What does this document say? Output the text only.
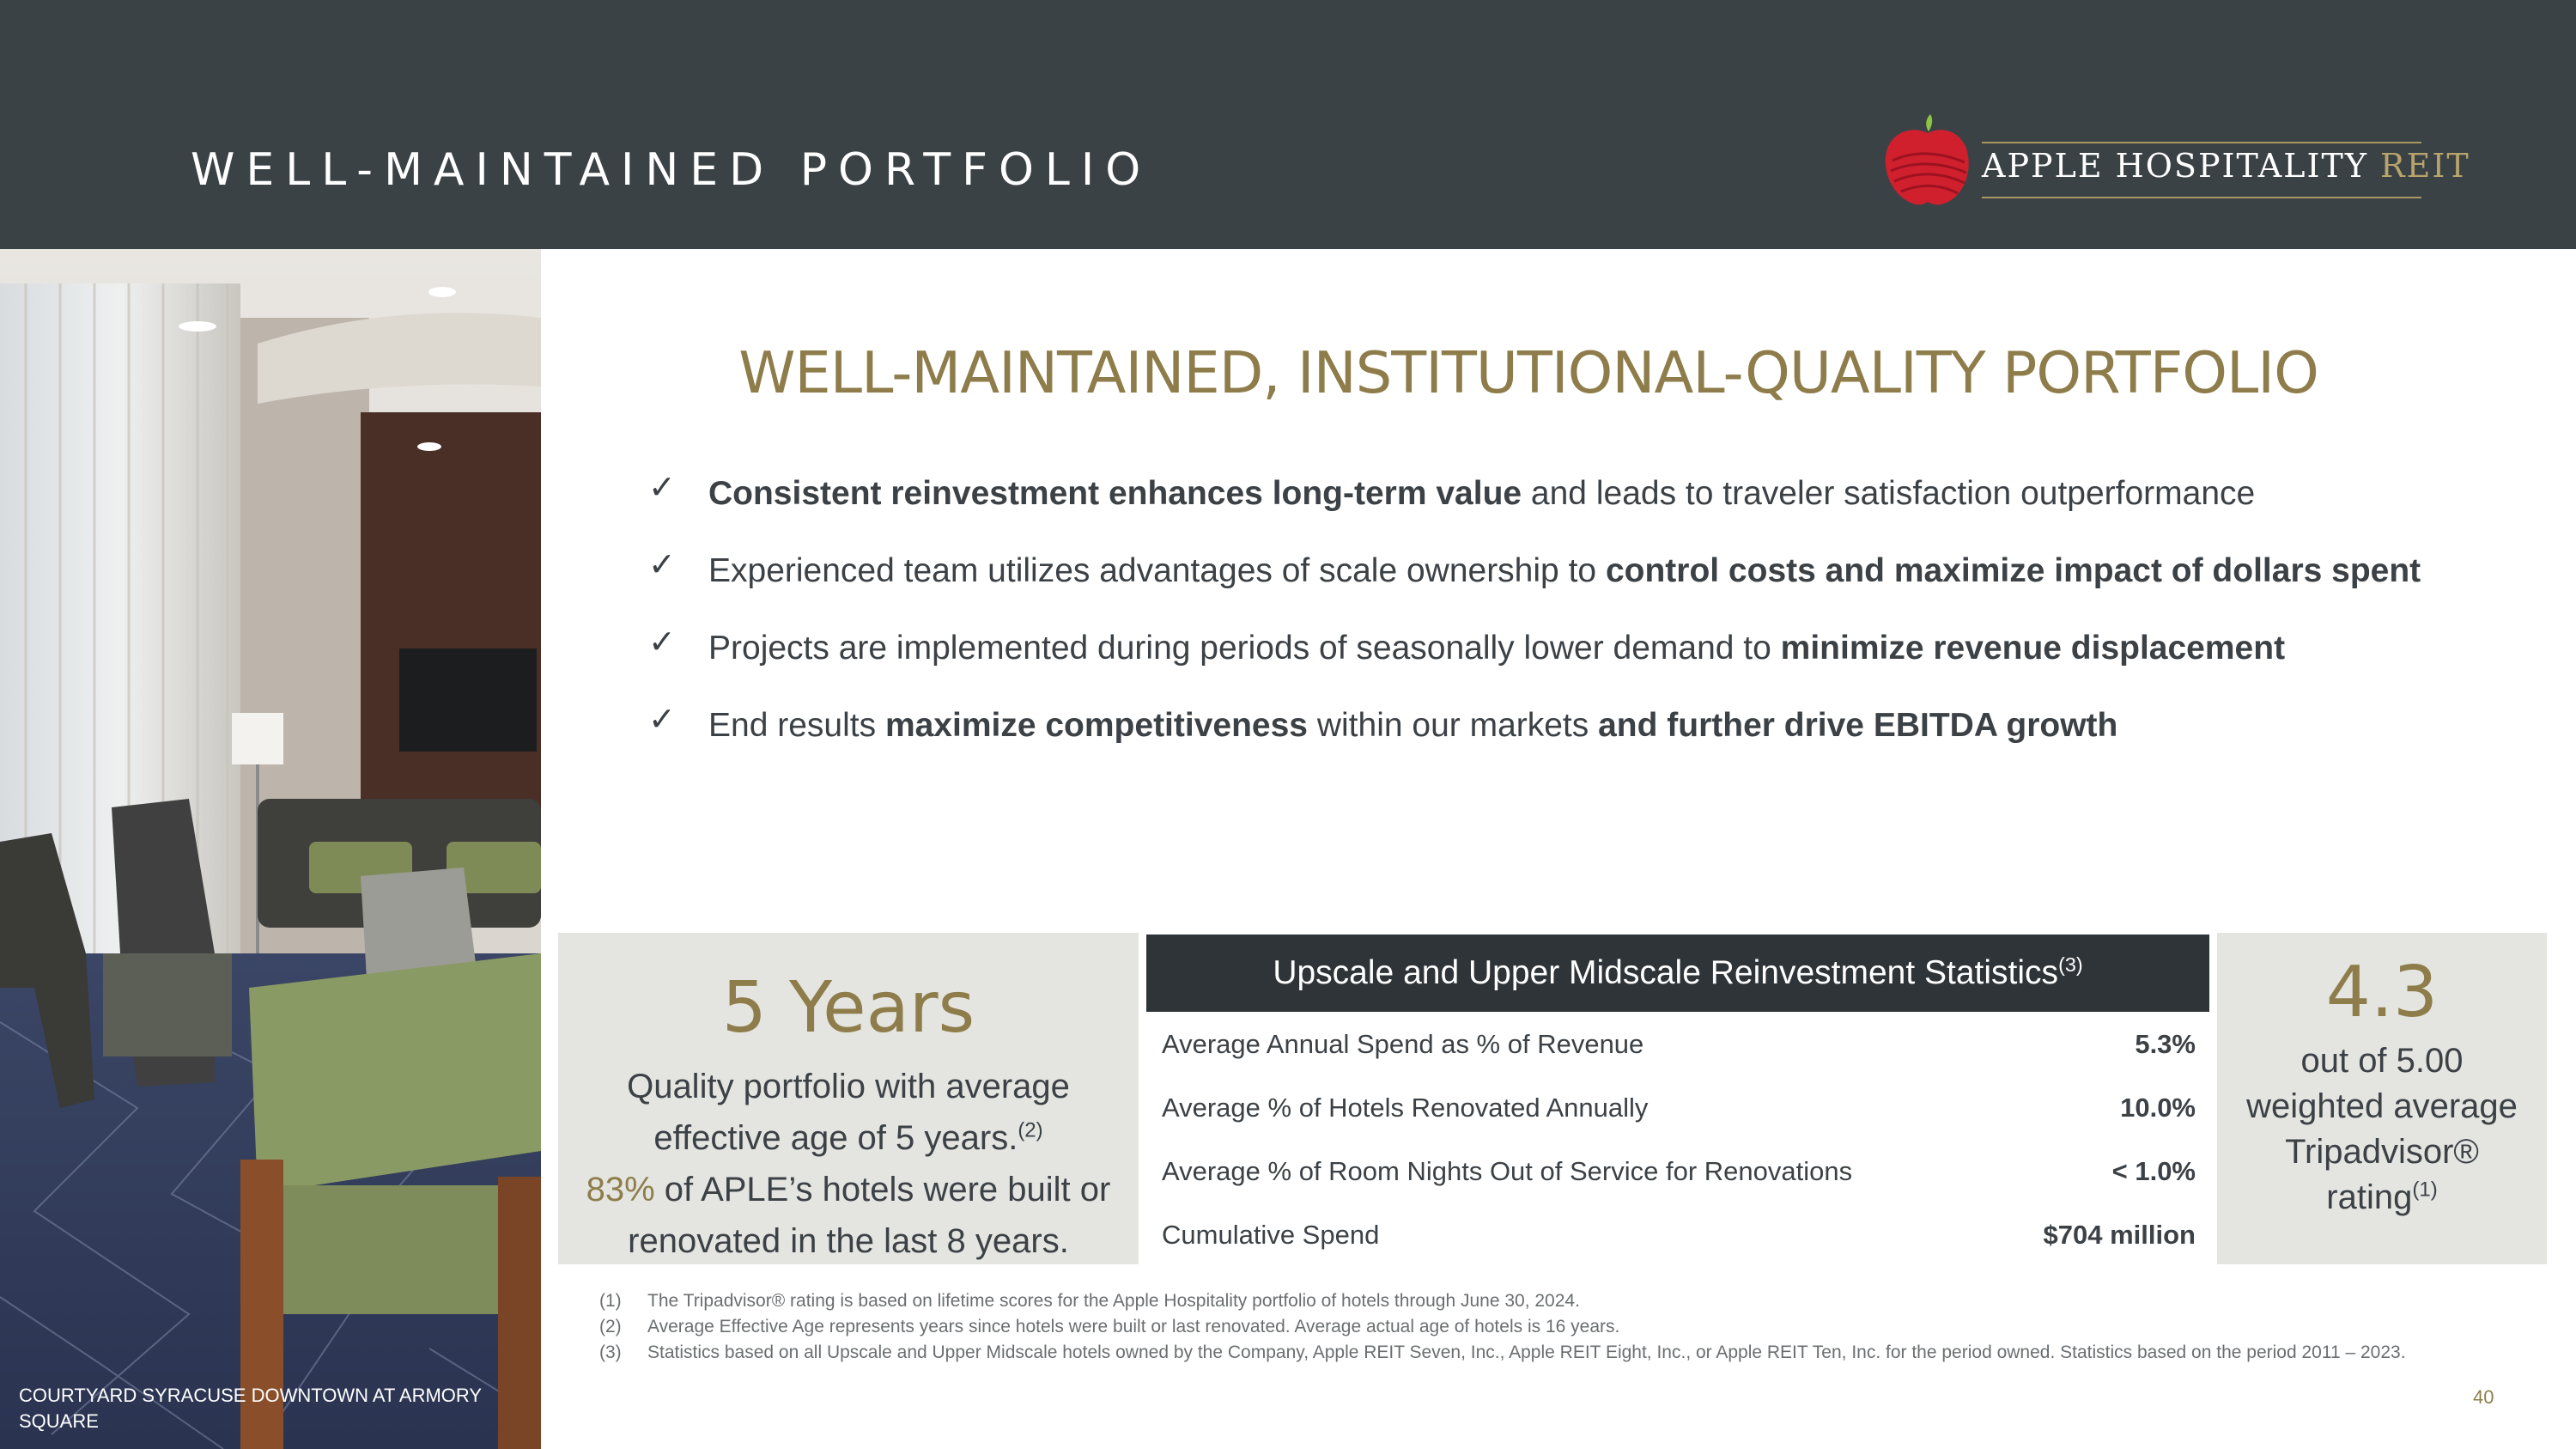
WELL-MAINTAINED PORTFOLIO	APPLE HOSPITALITY REIT
COURTYARD SYRACUSE DOWNTOWN AT ARMORY SQUARE
WELL-MAINTAINED, INSTITUTIONAL-QUALITY PORTFOLIO
✓ Consistent reinvestment enhances long-term value and leads to traveler satisfaction outperformance
✓ Experienced team utilizes advantages of scale ownership to control costs and maximize impact of dollars spent
✓ Projects are implemented during periods of seasonally lower demand to minimize revenue displacement
✓ End results maximize competitiveness within our markets and further drive EBITDA growth
5 Years
Quality portfolio with average effective age of 5 years.$^{(2)}$
83% of APLE’s hotels were built or renovated in the last 8 years.
Upscale and Upper Midscale Reinvestment Statistics$^{(3)}$
Average Annual Spend as % of Revenue	5.3%
Average % of Hotels Renovated Annually	10.0%
Average % of Room Nights Out of Service for Renovations	< 1.0%
Cumulative Spend	$704 million
4.3
out of 5.00
weighted average
Tripadvisor®
rating$^{(1)}$
(1) The Tripadvisor® rating is based on lifetime scores for the Apple Hospitality portfolio of hotels through June 30, 2024.
(2) Average Effective Age represents years since hotels were built or last renovated. Average actual age of hotels is 16 years.
(3) Statistics based on all Upscale and Upper Midscale hotels owned by the Company, Apple REIT Seven, Inc., Apple REIT Eight, Inc., or Apple REIT Ten, Inc. for the period owned. Statistics based on the period 2011 – 2023.
40
